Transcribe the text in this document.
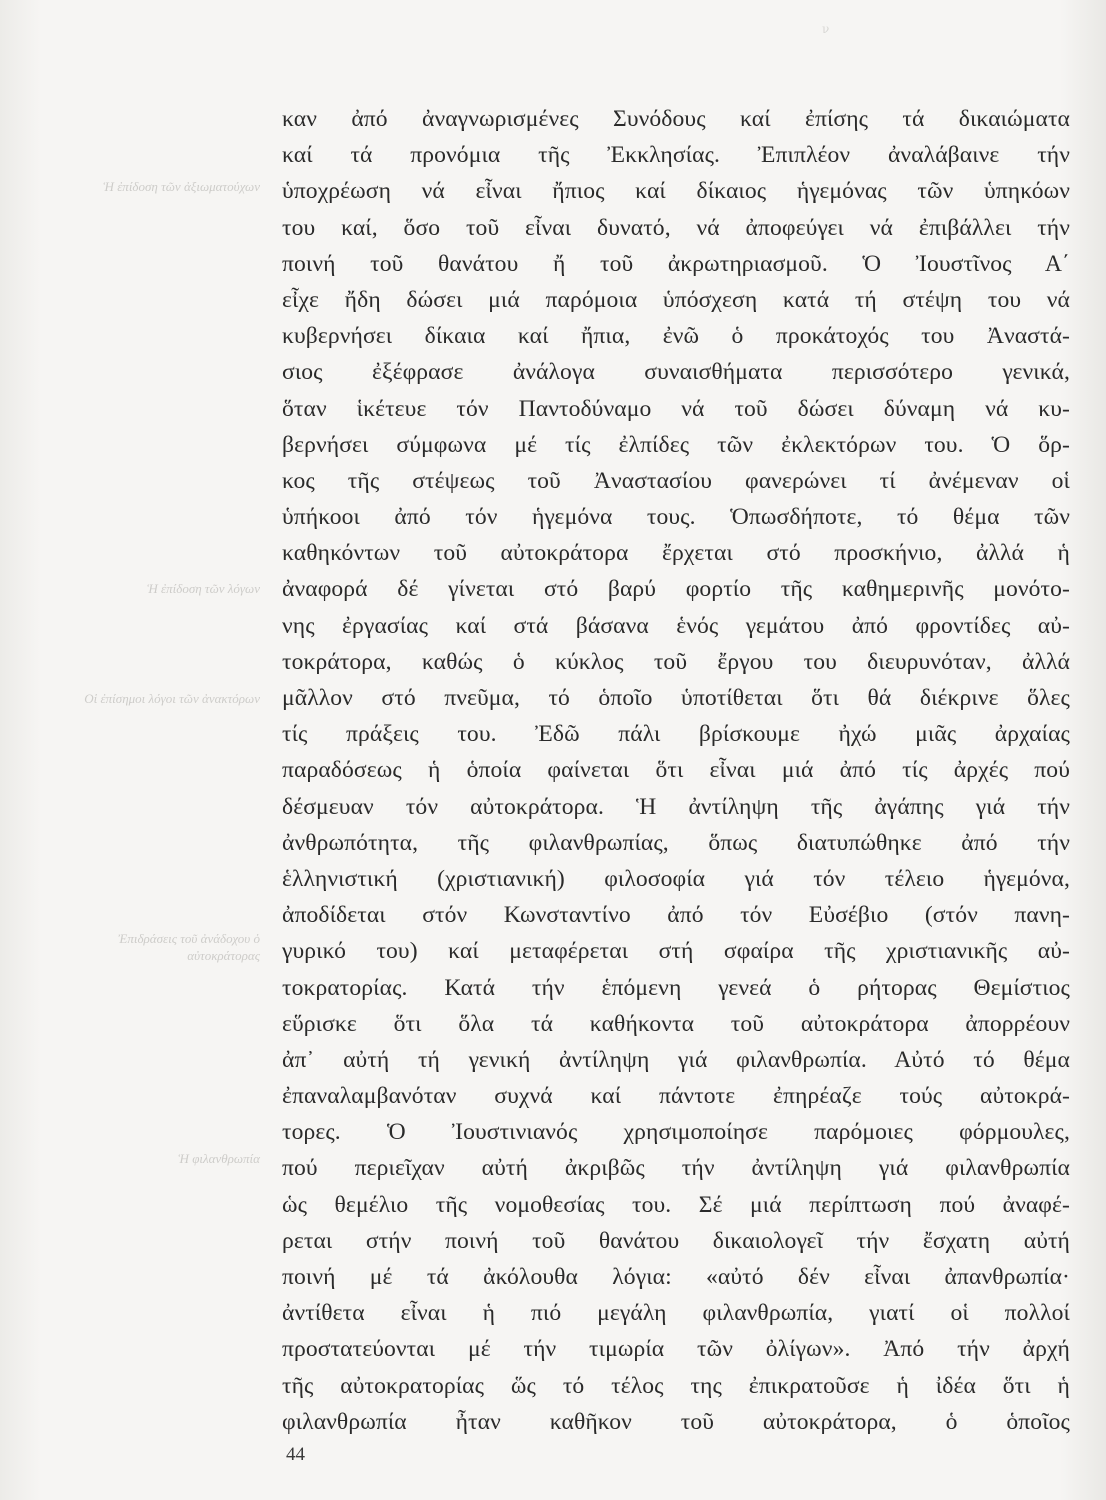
ν
Ἡ ἐπίδοση τῶν ἀξιωματούχων
Ἡ ἐπίδοση τῶν λόγων
Οἱ ἐπίσημοι λόγοι τῶν ἀνακτόρων
Ἐπιδράσεις τοῦ ἀνάδοχου ὁ αὐτοκράτορας
Ἡ φιλανθρωπία
καν ἀπό ἀναγνωρισμένες Συνόδους καί ἐπίσης τά δικαιώματα
καί τά προνόμια τῆς Ἐκκλησίας. Ἐπιπλέον ἀναλάβαινε τήν
ὑποχρέωση νά εἶναι ἤπιος καί δίκαιος ἡγεμόνας τῶν ὑπηκόων
του καί, ὅσο τοῦ εἶναι δυνατό, νά ἀποφεύγει νά ἐπιβάλλει τήν
ποινή τοῦ θανάτου ἤ τοῦ ἀκρωτηριασμοῦ. Ὁ Ἰουστῖνος Α΄
εἶχε ἤδη δώσει μιά παρόμοια ὑπόσχεση κατά τή στέψη του νά
κυβερνήσει δίκαια καί ἤπια, ἐνῶ ὁ προκάτοχός του Ἀναστά-
σιος ἐξέφρασε ἀνάλογα συναισθήματα περισσότερο γενικά,
ὅταν ἱκέτευε τόν Παντοδύναμο νά τοῦ δώσει δύναμη νά κυ-
βερνήσει σύμφωνα μέ τίς ἐλπίδες τῶν ἐκλεκτόρων του. Ὁ ὅρ-
κος τῆς στέψεως τοῦ Ἀναστασίου φανερώνει τί ἀνέμεναν οἱ
ὑπήκοοι ἀπό τόν ἡγεμόνα τους. Ὁπωσδήποτε, τό θέμα τῶν
καθηκόντων τοῦ αὐτοκράτορα ἔρχεται στό προσκήνιο, ἀλλά ἡ
ἀναφορά δέ γίνεται στό βαρύ φορτίο τῆς καθημερινῆς μονότο-
νης ἐργασίας καί στά βάσανα ἑνός γεμάτου ἀπό φροντίδες αὐ-
τοκράτορα, καθώς ὁ κύκλος τοῦ ἔργου του διευρυνόταν, ἀλλά
μᾶλλον στό πνεῦμα, τό ὁποῖο ὑποτίθεται ὅτι θά διέκρινε ὅλες
τίς πράξεις του. Ἐδῶ πάλι βρίσκουμε ἠχώ μιᾶς ἀρχαίας
παραδόσεως ἡ ὁποία φαίνεται ὅτι εἶναι μιά ἀπό τίς ἀρχές πού
δέσμευαν τόν αὐτοκράτορα. Ἡ ἀντίληψη τῆς ἀγάπης γιά τήν
ἀνθρωπότητα, τῆς φιλανθρωπίας, ὅπως διατυπώθηκε ἀπό τήν
ἑλληνιστική (χριστιανική) φιλοσοφία γιά τόν τέλειο ἡγεμόνα,
ἀποδίδεται στόν Κωνσταντίνο ἀπό τόν Εὐσέβιο (στόν πανη-
γυρικό του) καί μεταφέρεται στή σφαίρα τῆς χριστιανικῆς αὐ-
τοκρατορίας. Κατά τήν ἑπόμενη γενεά ὁ ρήτορας Θεμίστιος
εὕρισκε ὅτι ὅλα τά καθήκοντα τοῦ αὐτοκράτορα ἀπορρέουν
ἀπ᾽ αὐτή τή γενική ἀντίληψη γιά φιλανθρωπία. Αὐτό τό θέμα
ἐπαναλαμβανόταν συχνά καί πάντοτε ἐπηρέαζε τούς αὐτοκρά-
τορες. Ὁ Ἰουστινιανός χρησιμοποίησε παρόμοιες φόρμουλες,
πού περιεῖχαν αὐτή ἀκριβῶς τήν ἀντίληψη γιά φιλανθρωπία
ὡς θεμέλιο τῆς νομοθεσίας του. Σέ μιά περίπτωση πού ἀναφέ-
ρεται στήν ποινή τοῦ θανάτου δικαιολογεῖ τήν ἔσχατη αὐτή
ποινή μέ τά ἀκόλουθα λόγια: «αὐτό δέν εἶναι ἀπανθρωπία·
ἀντίθετα εἶναι ἡ πιό μεγάλη φιλανθρωπία, γιατί οἱ πολλοί
προστατεύονται μέ τήν τιμωρία τῶν ὀλίγων». Ἀπό τήν ἀρχή
τῆς αὐτοκρατορίας ὥς τό τέλος της ἐπικρατοῦσε ἡ ἰδέα ὅτι ἡ
φιλανθρωπία ἦταν καθῆκον τοῦ αὐτοκράτορα, ὁ ὁποῖος
44
